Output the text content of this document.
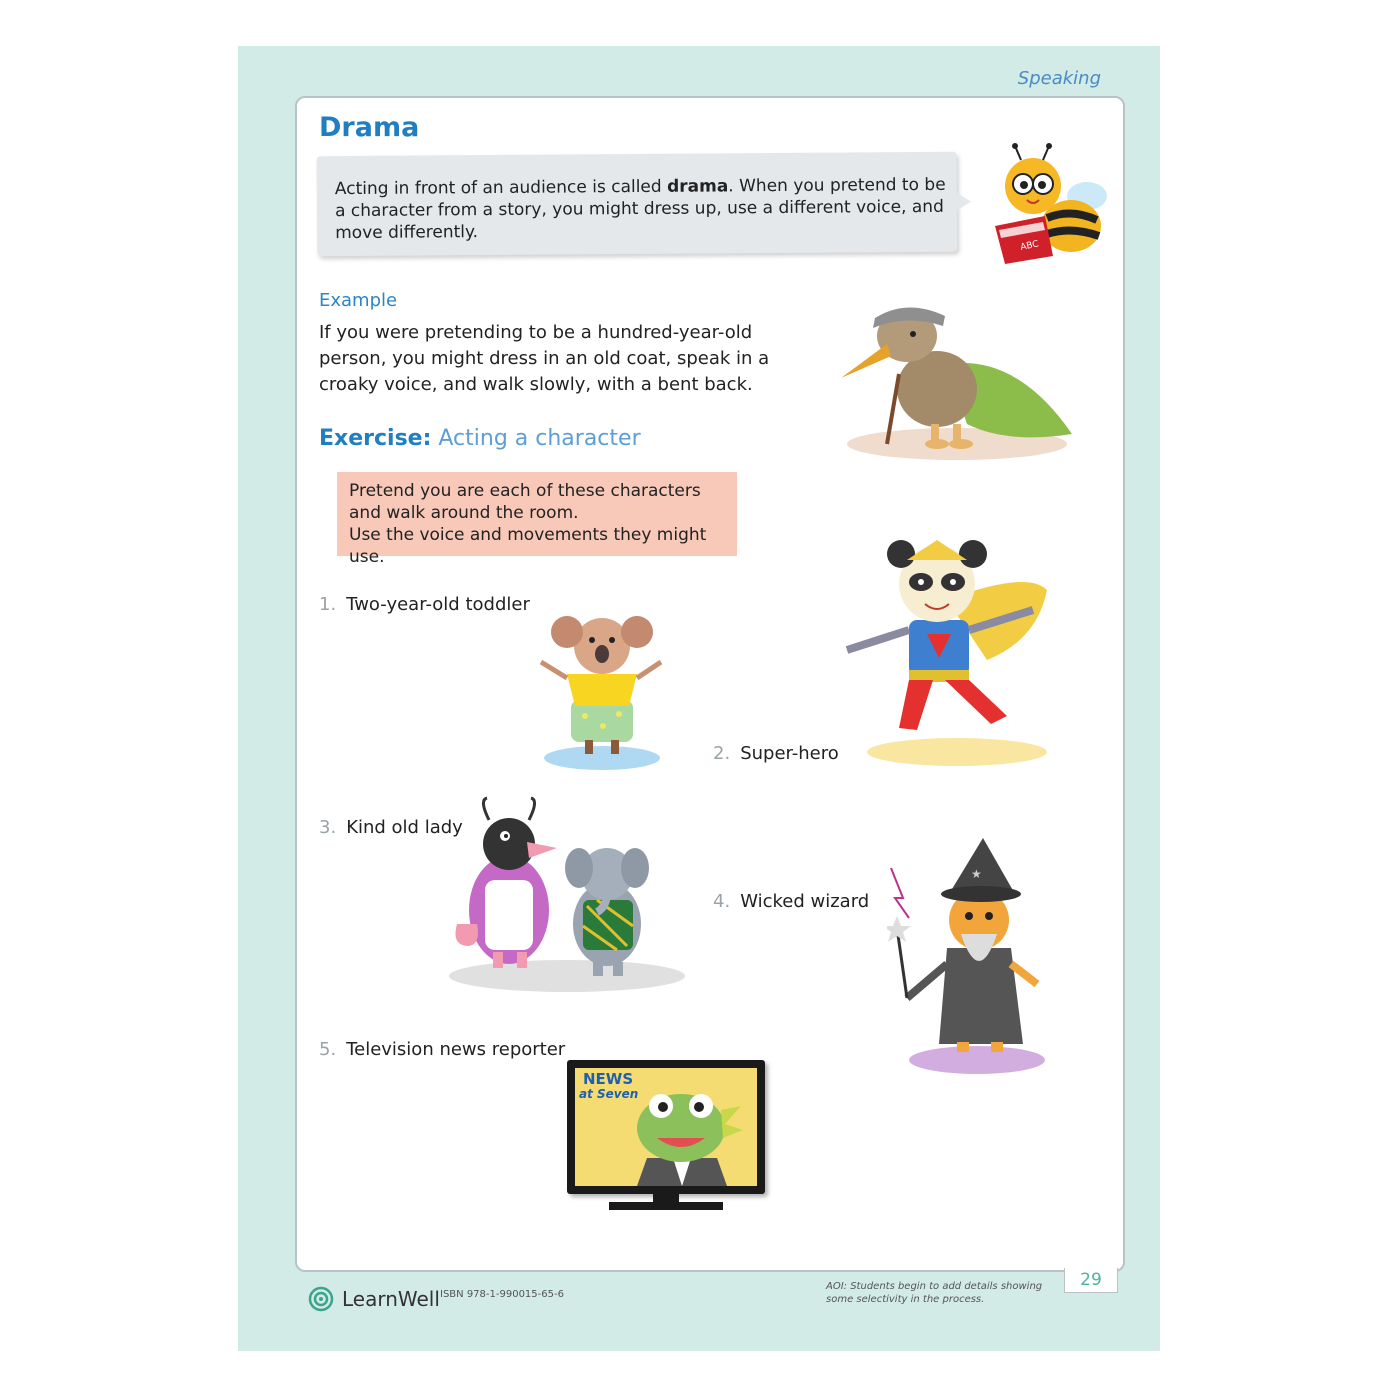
Speaking
Drama
Acting in front of an audience is called drama. When you pretend to be a character from a story, you might dress up, use a different voice, and move differently.
ABC
Example
If you were pretending to be a hundred-year-old person, you might dress in an old coat, speak in a croaky voice, and walk slowly, with a bent back.
Exercise: Acting a character
Pretend you are each of these characters and walk around the room.
Use the voice and movements they might use.
1. Two-year-old toddler
2. Super-hero
3. Kind old lady
4. Wicked wizard
5. Television news reporter
★
NEWS
at Seven
LearnWell ISBN 978-1-990015-65-6
AOI: Students begin to add details showing some selectivity in the process.
29
